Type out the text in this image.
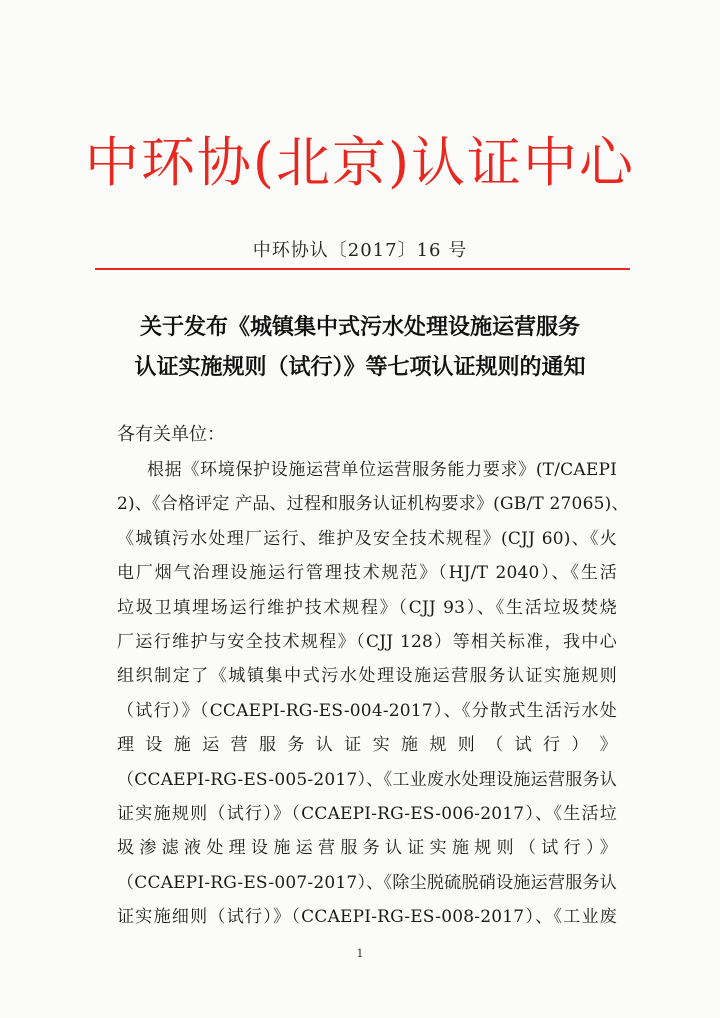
中环协(北京)认证中心
中环协认〔2017〕16 号
关于发布《城镇集中式污水处理设施运营服务
认证实施规则（试行）》等七项认证规则的通知
各有关单位：
根据《环境保护设施运营单位运营服务能力要求》(T/CAEPI
2)、《合格评定 产品、过程和服务认证机构要求》(GB/T 27065)、
《城镇污水处理厂运行、维护及安全技术规程》(CJJ 60)、《火
电厂烟气治理设施运行管理技术规范》（HJ/T 2040）、《生活
垃圾卫填埋场运行维护技术规程》（CJJ 93）、《生活垃圾焚烧
厂运行维护与安全技术规程》（CJJ 128）等相关标准，我中心
组织制定了《城镇集中式污水处理设施运营服务认证实施规则
（试行）》（CCAEPI-RG-ES-004-2017）、《分散式生活污水处
理 设 施 运 营 服 务 认 证 实 施 规 则 （ 试 行 ） 》
（CCAEPI-RG-ES-005-2017）、《工业废水处理设施运营服务认
证实施规则（试行）》（CCAEPI-RG-ES-006-2017）、《生活垃
圾渗滤液处理设施运营服务认证实施规则（试行）》
（CCAEPI-RG-ES-007-2017）、《除尘脱硫脱硝设施运营服务认
证实施细则（试行）》（CCAEPI-RG-ES-008-2017）、《工业废
1
